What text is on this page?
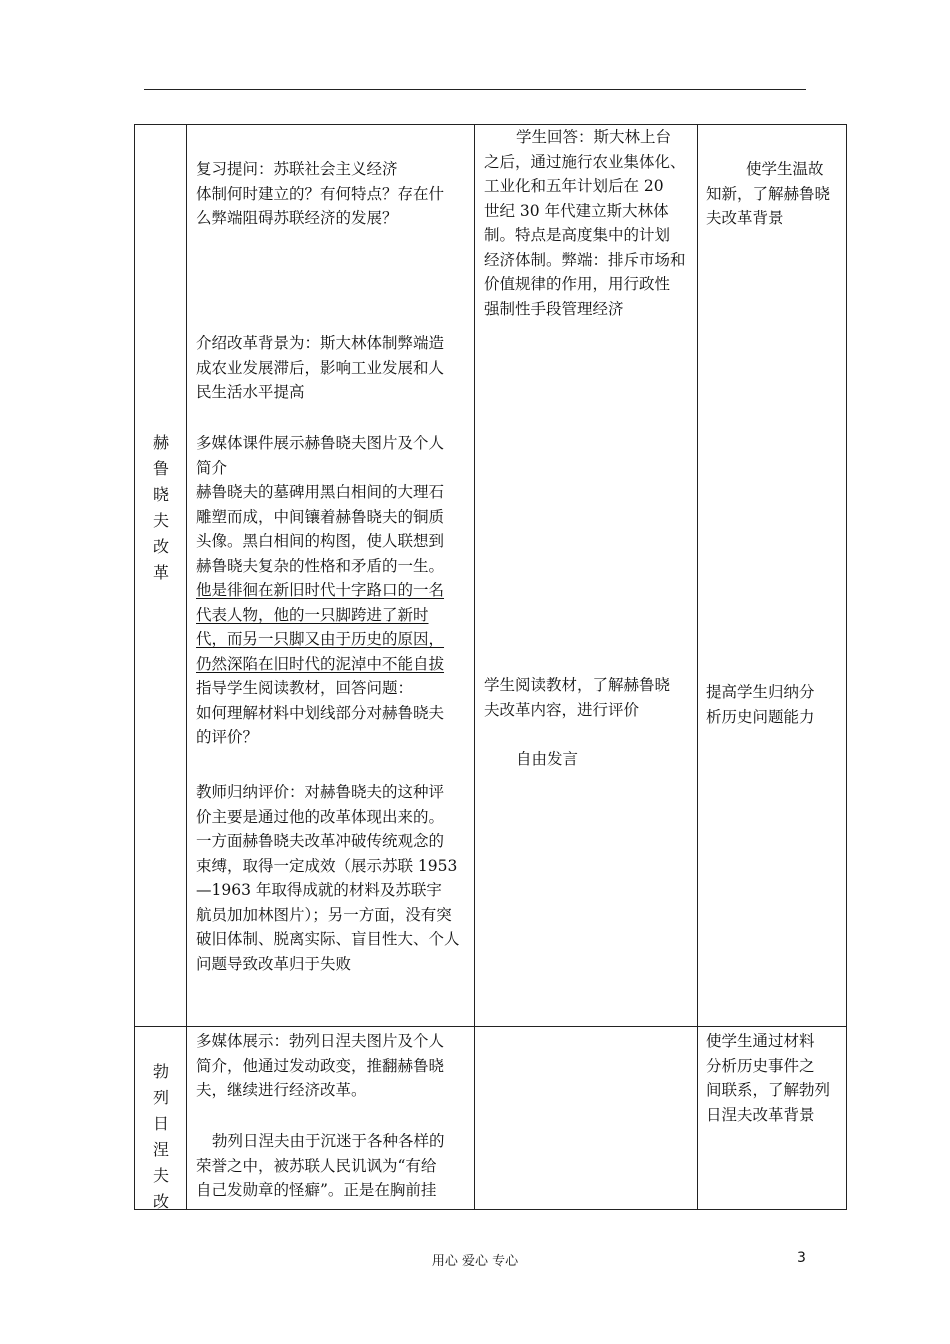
赫
鲁
晓
夫
改
革

复习提问：苏联社会主义经济

体制何时建立的？有何特点？存在什

么弊端阻碍苏联经济的发展？

介绍改革背景为：斯大林体制弊端造

成农业发展滞后，影响工业发展和人

民生活水平提高

多媒体课件展示赫鲁晓夫图片及个人

简介

赫鲁晓夫的墓碑用黑白相间的大理石

雕塑而成，中间镶着赫鲁晓夫的铜质

头像。黑白相间的构图，使人联想到

赫鲁晓夫复杂的性格和矛盾的一生。

他是徘徊在新旧时代十字路口的一名

代表人物，他的一只脚跨进了新时

代，而另一只脚又由于历史的原因，

仍然深陷在旧时代的泥淖中不能自拔

指导学生阅读教材，回答问题：

如何理解材料中划线部分对赫鲁晓夫

的评价？

教师归纳评价：对赫鲁晓夫的这种评

价主要是通过他的改革体现出来的。

一方面赫鲁晓夫改革冲破传统观念的

束缚，取得一定成效（展示苏联 1953

—1963 年取得成就的材料及苏联宇

航员加加林图片）；另一方面，没有突

破旧体制、脱离实际、盲目性大、个人

问题导致改革归于失败

学生回答：斯大林上台

之后，通过施行农业集体化、

工业化和五年计划后在 20

世纪 30 年代建立斯大林体

制。特点是高度集中的计划

经济体制。弊端：排斥市场和

价值规律的作用，用行政性

强制性手段管理经济

学生阅读教材，了解赫鲁晓

夫改革内容，进行评价

自由发言

使学生温故

知新，了解赫鲁晓

夫改革背景

提高学生归纳分

析历史问题能力

勃
列
日
涅
夫
改

多媒体展示：勃列日涅夫图片及个人

简介，他通过发动政变，推翻赫鲁晓

夫，继续进行经济改革。

勃列日涅夫由于沉迷于各种各样的

荣誉之中，被苏联人民讥讽为“有给

自己发勋章的怪癖”。正是在胸前挂

使学生通过材料

分析历史事件之

间联系，了解勃列

日涅夫改革背景

用心 爱心 专心	3
